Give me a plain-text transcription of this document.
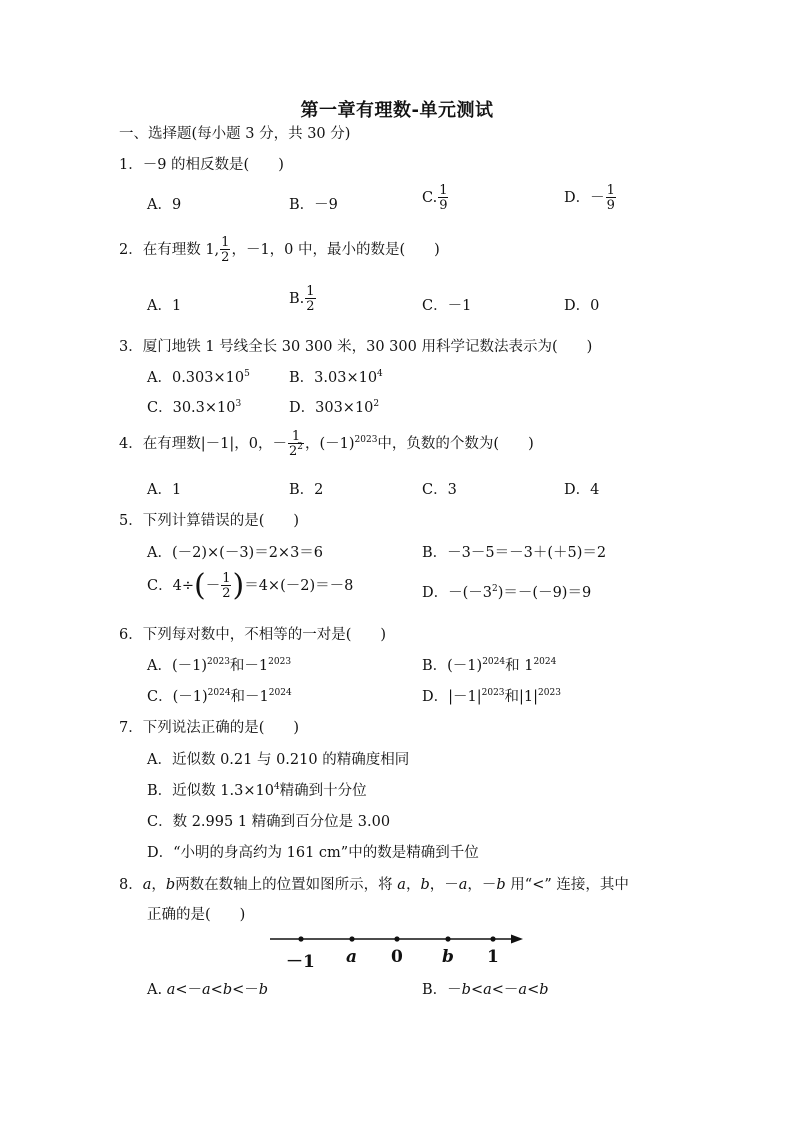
第一章有理数-单元测试
一、选择题(每小题 3 分，共 30 分)
1．－9 的相反数是(　　)
A．9	B．－9	C. $\frac{1}{9}$	D．－ $\frac{1}{9}$
2．在有理数 1, $\frac{1}{2}$ ，－1，0 中，最小的数是(　　)
A．1	B. $\frac{1}{2}$	C．－1	D．0
3．厦门地铁 1 号线全长 30 300 米，30 300 用科学记数法表示为(　　)
A．$0.303\times 10^5$	B．$3.03\times 10^4$
C．$30.3\times 10^3$	D．$303\times 10^2$
4．在有理数|－1|，0，－ $\frac{1}{2^2}$ ，$(-1)^{2023}$中，负数的个数为(　　)
A．1	B．2	C．3	D．4
5．下列计算错误的是(　　)
A．(－2)×(－3)＝2×3＝6	B．－3－5＝－3＋(＋5)＝2
C．$4\div(- \frac{1}{2} )=4\times(-2)=-8$	D．$-(-3^2)=-(-9)=9$
6．下列每对数中，不相等的一对是(　　)
A．$(-1)^{2023}$和$-1^{2023}$	B．$(-1)^{2024}$和 $1^{2024}$
C．$(-1)^{2024}$和$-1^{2024}$	D．$|-1|^{2023}$和$|1|^{2023}$
7．下列说法正确的是(　　)
A．近似数 0.21 与 0.210 的精确度相同
B．近似数 $1.3\times 10^4$精确到十分位
C．数 2.995 1 精确到百分位是 3.00
D．“小明的身高约为 161 cm”中的数是精确到千位
8．a，b两数在数轴上的位置如图所示，将 a，b，－a，－b 用“<” 连接，其中
正确的是(　　)
－1 a 0 b 1
A. a<－a<b<－b	B．－b<a<－a<b
